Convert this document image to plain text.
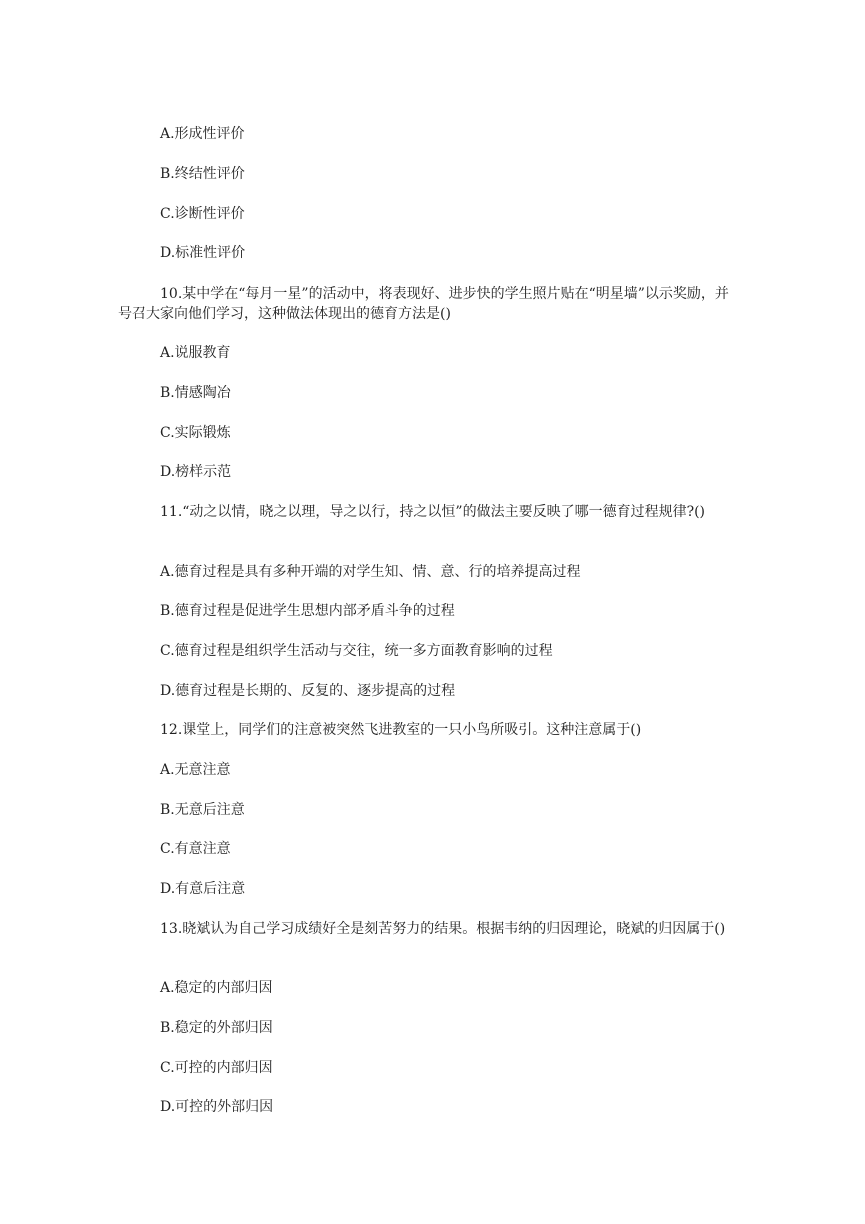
A.形成性评价
B.终结性评价
C.诊断性评价
D.标准性评价
10.某中学在“每月一星”的活动中，将表现好、进步快的学生照片贴在“明星墙”以示奖励，并号召大家向他们学习，这种做法体现出的德育方法是()
A.说服教育
B.情感陶冶
C.实际锻炼
D.榜样示范
11.“动之以情，晓之以理，导之以行，持之以恒”的做法主要反映了哪一德育过程规律?()
A.德育过程是具有多种开端的对学生知、情、意、行的培养提高过程
B.德育过程是促进学生思想内部矛盾斗争的过程
C.德育过程是组织学生活动与交往，统一多方面教育影响的过程
D.德育过程是长期的、反复的、逐步提高的过程
12.课堂上，同学们的注意被突然飞进教室的一只小鸟所吸引。这种注意属于()
A.无意注意
B.无意后注意
C.有意注意
D.有意后注意
13.晓斌认为自己学习成绩好全是刻苦努力的结果。根据韦纳的归因理论，晓斌的归因属于()
A.稳定的内部归因
B.稳定的外部归因
C.可控的内部归因
D.可控的外部归因
